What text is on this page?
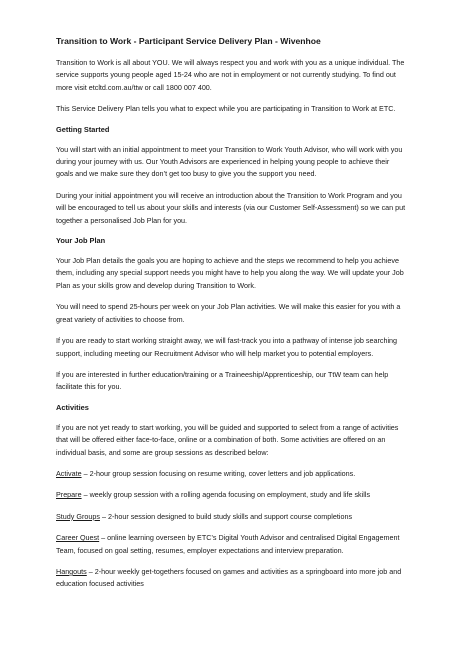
Transition to Work - Participant Service Delivery Plan - Wivenhoe

Transition to Work is all about YOU. We will always respect you and work with you as a unique individual. The service supports young people aged 15-24 who are not in employment or not currently studying. To find out more visit etcltd.com.au/ttw or call 1800 007 400.

This Service Delivery Plan tells you what to expect while you are participating in Transition to Work at ETC.

Getting Started

You will start with an initial appointment to meet your Transition to Work Youth Advisor, who will work with you during your journey with us. Our Youth Advisors are experienced in helping young people to achieve their goals and we make sure they don’t get too busy to give you the support you need.

During your initial appointment you will receive an introduction about the Transition to Work Program and you will be encouraged to tell us about your skills and interests (via our Customer Self-Assessment) so we can put together a personalised Job Plan for you.

Your Job Plan

Your Job Plan details the goals you are hoping to achieve and the steps we recommend to help you achieve them, including any special support needs you might have to help you along the way. We will update your Job Plan as your skills grow and develop during Transition to Work.

You will need to spend 25-hours per week on your Job Plan activities. We will make this easier for you with a great variety of activities to choose from.

If you are ready to start working straight away, we will fast-track you into a pathway of intense job searching support, including meeting our Recruitment Advisor who will help market you to potential employers.

If you are interested in further education/training or a Traineeship/Apprenticeship, our TtW team can help facilitate this for you.

Activities

If you are not yet ready to start working, you will be guided and supported to select from a range of activities that will be offered either face-to-face, online or a combination of both. Some activities are offered on an individual basis, and some are group sessions as described below:

Activate – 2-hour group session focusing on resume writing, cover letters and job applications.

Prepare – weekly group session with a rolling agenda focusing on employment, study and life skills

Study Groups – 2-hour session designed to build study skills and support course completions

Career Quest – online learning overseen by ETC’s Digital Youth Advisor and centralised Digital Engagement Team, focused on goal setting, resumes, employer expectations and interview preparation.

Hangouts – 2-hour weekly get-togethers focused on games and activities as a springboard into more job and education focused activities
